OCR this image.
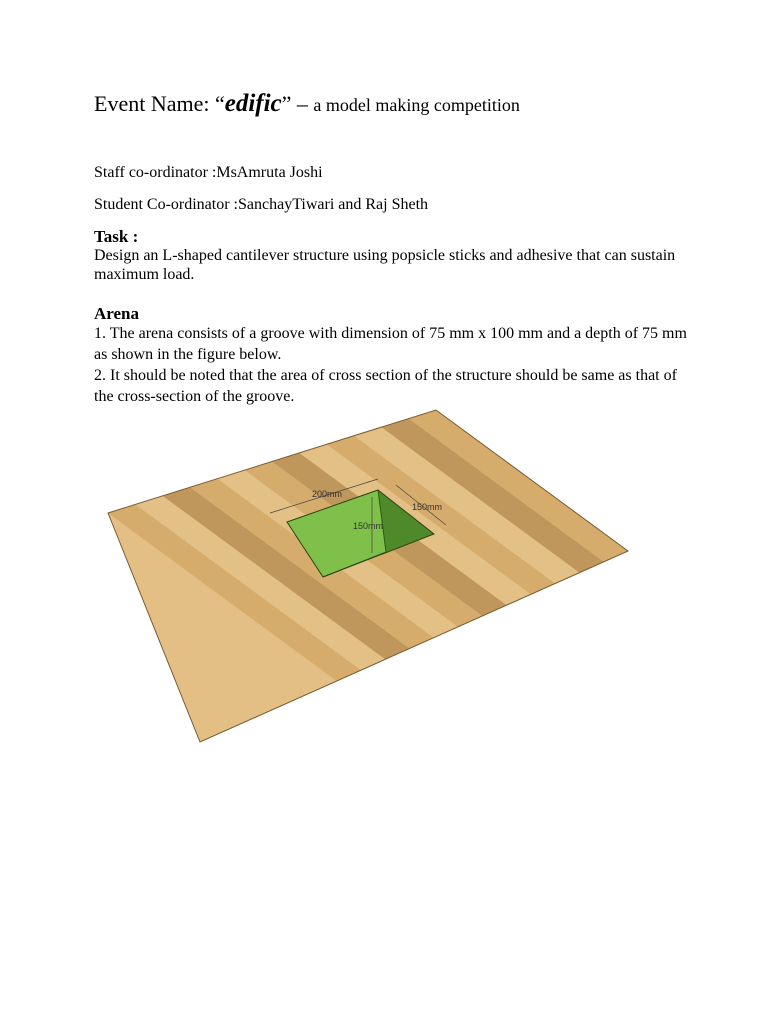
Event Name: “edific” – a model making competition

Staff co-ordinator :MsAmruta Joshi

Student Co-ordinator :SanchayTiwari and Raj Sheth

Task :

Design an L-shaped cantilever structure using popsicle sticks and adhesive that can sustain maximum load.

Arena

1. The arena consists of a groove with dimension of 75 mm x 100 mm and a depth of 75 mm as shown in the figure below.
2. It should be noted that the area of cross section of the structure should be same as that of the cross-section of the groove.
200mm
150mm
150mm
